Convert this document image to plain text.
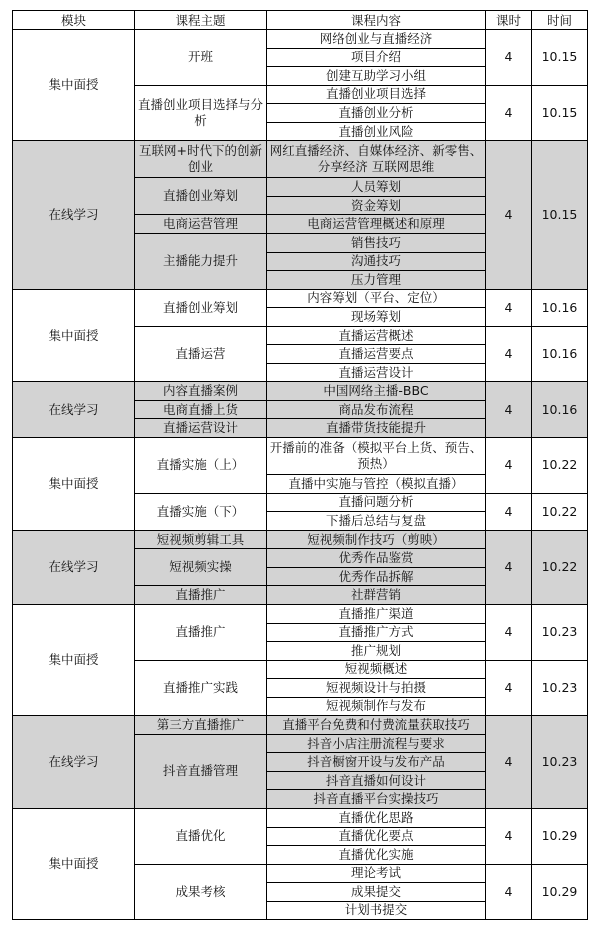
模块	课程主题	课程内容	课时	时间
集中面授	开班	网络创业与直播经济	4	10.15
		项目介绍		
		创建互助学习小组		
	直播创业项目选择与分析	直播创业项目选择	4	10.15
		直播创业分析		
		直播创业风险		
在线学习	互联网+时代下的创新创业	网红直播经济、自媒体经济、新零售、分享经济 互联网思维	4	10.15
	直播创业筹划	人员筹划		
		资金筹划		
	电商运营管理	电商运营管理概述和原理		
	主播能力提升	销售技巧		
		沟通技巧		
		压力管理		
集中面授	直播创业筹划	内容筹划（平台、定位）	4	10.16
		现场筹划		
	直播运营	直播运营概述	4	10.16
		直播运营要点		
		直播运营设计		
在线学习	内容直播案例	中国网络主播-BBC	4	10.16
	电商直播上货	商品发布流程		
	直播运营设计	直播带货技能提升		
集中面授	直播实施（上）	开播前的准备（模拟平台上货、预告、预热）	4	10.22
		直播中实施与管控（模拟直播）		
	直播实施（下）	直播问题分析	4	10.22
		下播后总结与复盘		
在线学习	短视频剪辑工具	短视频制作技巧（剪映）	4	10.22
	短视频实操	优秀作品鉴赏		
		优秀作品拆解		
	直播推广	社群营销		
集中面授	直播推广	直播推广渠道	4	10.23
		直播推广方式		
		推广规划		
	直播推广实践	短视频概述	4	10.23
		短视频设计与拍摄		
		短视频制作与发布		
在线学习	第三方直播推广	直播平台免费和付费流量获取技巧	4	10.23
	抖音直播管理	抖音小店注册流程与要求		
		抖音橱窗开设与发布产品		
		抖音直播如何设计		
		抖音直播平台实操技巧		
集中面授	直播优化	直播优化思路	4	10.29
		直播优化要点		
		直播优化实施		
	成果考核	理论考试	4	10.29
		成果提交		
		计划书提交		
